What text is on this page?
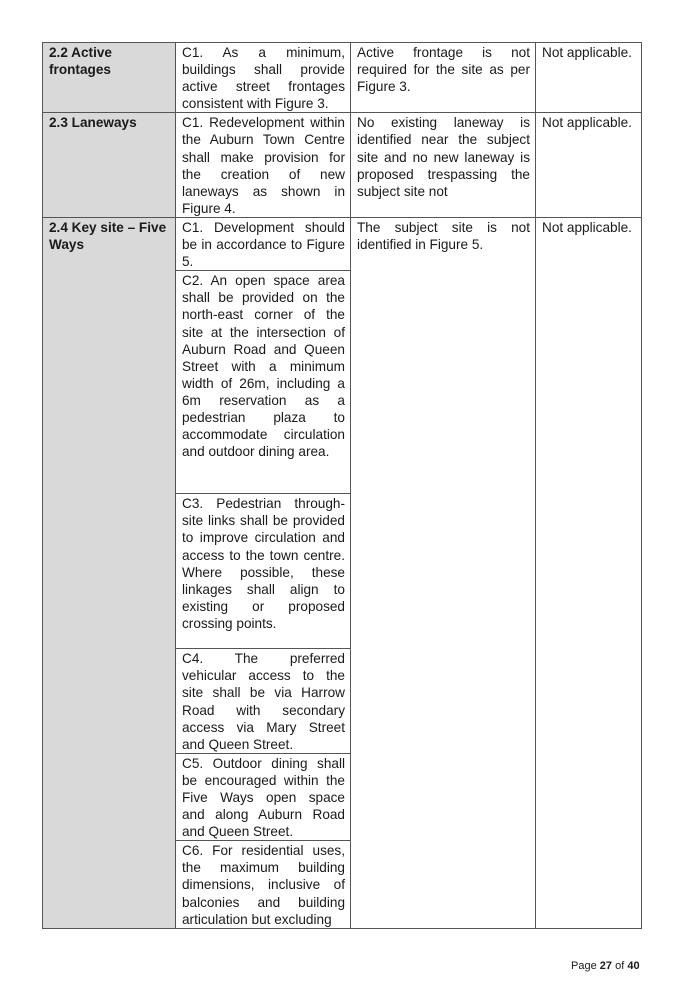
2.2 Active frontages	C1. As a minimum, buildings shall provide active street frontages consistent with Figure 3.	Active frontage is not required for the site as per Figure 3.	Not applicable.
2.3 Laneways	C1. Redevelopment within the Auburn Town Centre shall make provision for the creation of new laneways as shown in Figure 4.	No existing laneway is identified near the subject site and no new laneway is proposed trespassing the subject site not	Not applicable.
2.4 Key site – Five Ways	C1. Development should be in accordance to Figure 5.	The subject site is not identified in Figure 5.	Not applicable.
	C2. An open space area shall be provided on the north-east corner of the site at the intersection of Auburn Road and Queen Street with a minimum width of 26m, including a 6m reservation as a pedestrian plaza to accommodate circulation and outdoor dining area.		
	C3. Pedestrian through-site links shall be provided to improve circulation and access to the town centre. Where possible, these linkages shall align to existing or proposed crossing points.		
	C4. The preferred vehicular access to the site shall be via Harrow Road with secondary access via Mary Street and Queen Street.		
	C5. Outdoor dining shall be encouraged within the Five Ways open space and along Auburn Road and Queen Street.		
	C6. For residential uses, the maximum building dimensions, inclusive of balconies and building articulation but excluding		
Page 27 of 40
